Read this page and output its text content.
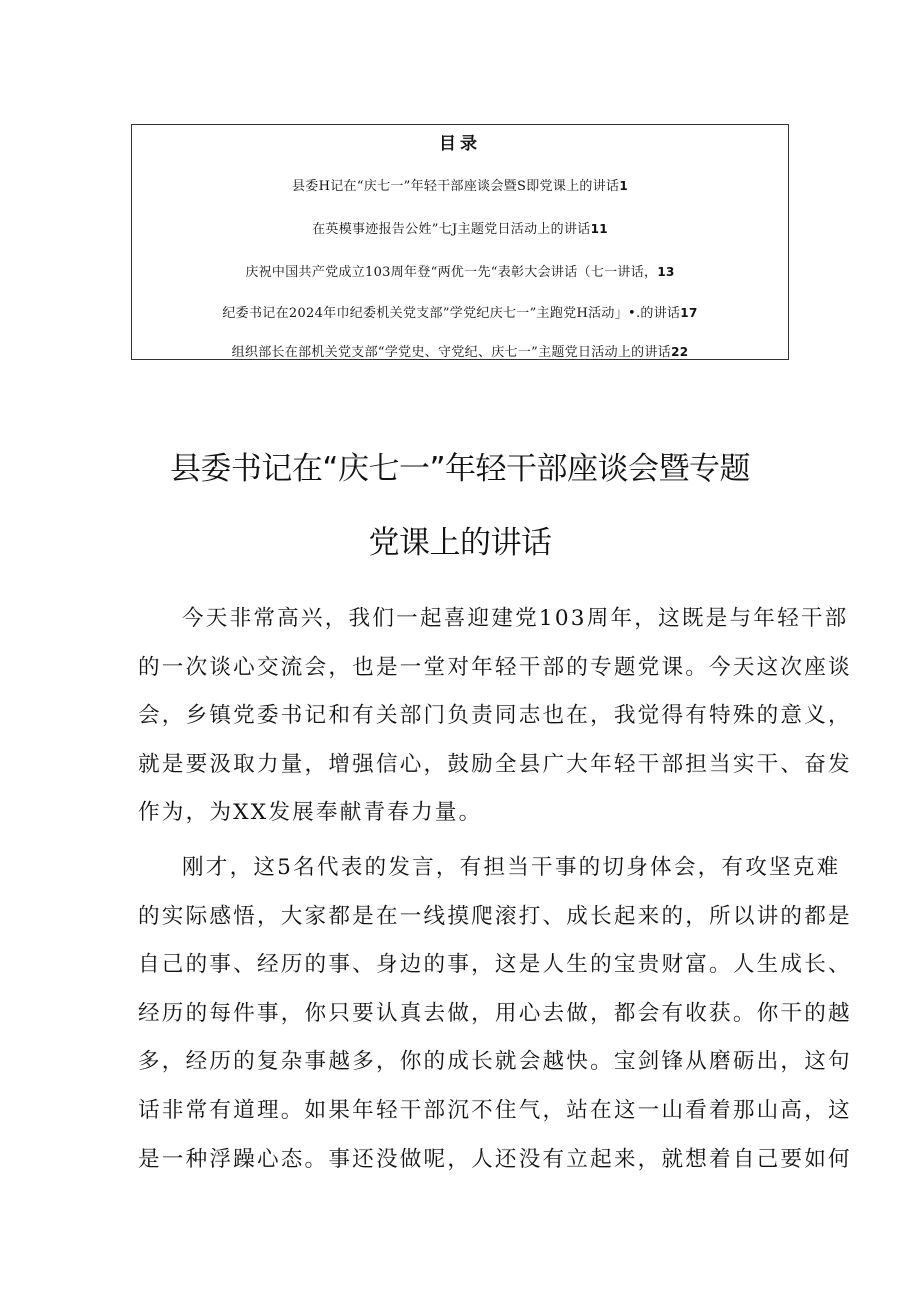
目录
县委H记在“庆七一”年轻干部座谈会暨S即党课上的讲话1
在英模事迹报告公姓”七J主题党日活动上的讲话11
庆祝中国共产党成立103周年登“两优一先“表彰大会讲话（七一讲话，13
纪委书记在2024年巾纪委机关党支部”学党纪庆七一”主跑党H活动」•.的讲话17
组织部长在部机关党支部“学党史、守党纪、庆七一”主题党日活动上的讲话22
县委书记在“庆七一”年轻干部座谈会暨专题
党课上的讲话
今天非常高兴，我们一起喜迎建党103周年，这既是与年轻干部
的一次谈心交流会，也是一堂对年轻干部的专题党课。今天这次座谈
会，乡镇党委书记和有关部门负责同志也在，我觉得有特殊的意义，
就是要汲取力量，增强信心，鼓励全县广大年轻干部担当实干、奋发
作为，为XX发展奉献青春力量。
刚才，这5名代表的发言，有担当干事的切身体会，有攻坚克难
的实际感悟，大家都是在一线摸爬滚打、成长起来的，所以讲的都是
自己的事、经历的事、身边的事，这是人生的宝贵财富。人生成长、
经历的每件事，你只要认真去做，用心去做，都会有收获。你干的越
多，经历的复杂事越多，你的成长就会越快。宝剑锋从磨砺出，这句
话非常有道理。如果年轻干部沉不住气，站在这一山看着那山高，这
是一种浮躁心态。事还没做呢，人还没有立起来，就想着自己要如何
